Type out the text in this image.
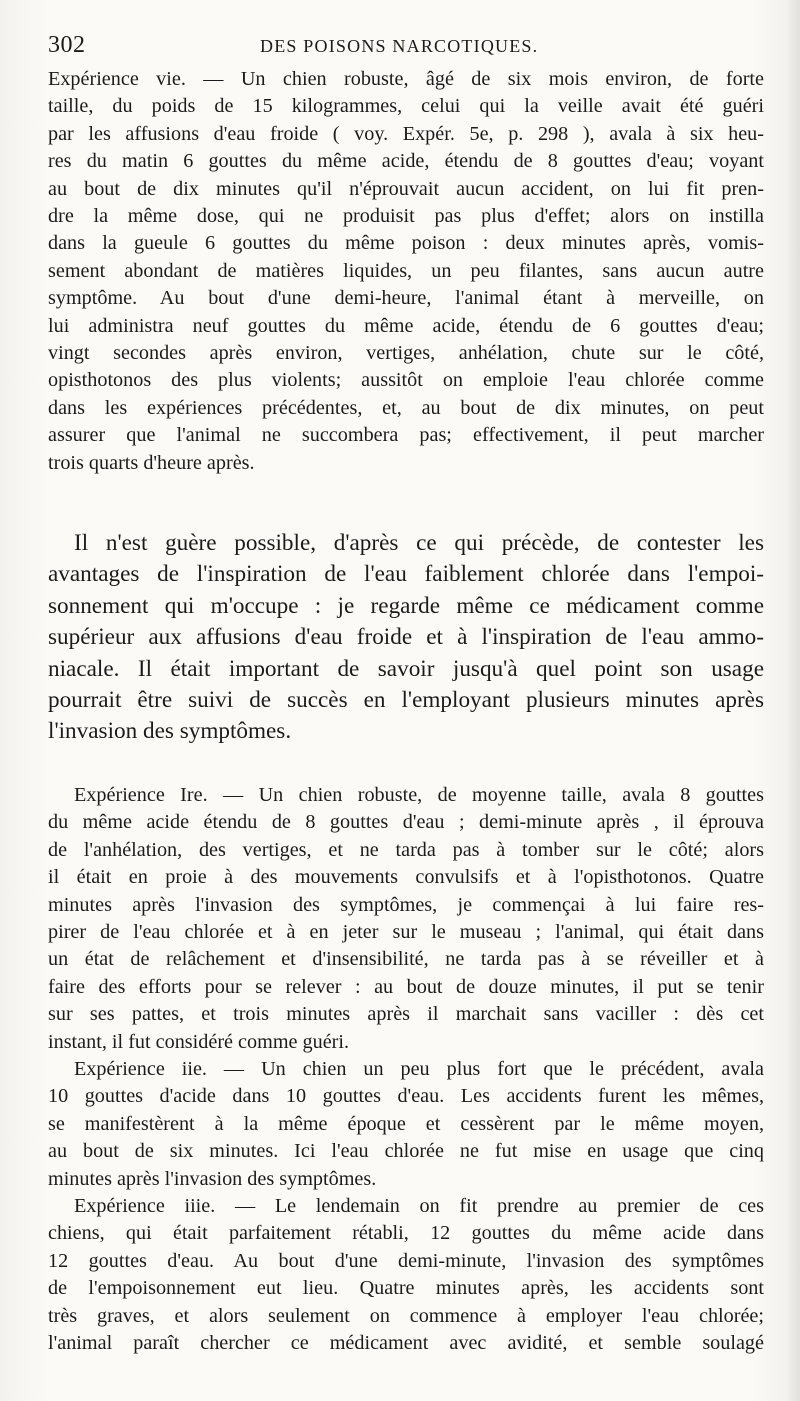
302	DES POISONS NARCOTIQUES.
Expérience vie. — Un chien robuste, âgé de six mois environ, de forte
taille, du poids de 15 kilogrammes, celui qui la veille avait été guéri
par les affusions d'eau froide ( voy. Expér. 5e, p. 298 ), avala à six heu-
res du matin 6 gouttes du même acide, étendu de 8 gouttes d'eau; voyant
au bout de dix minutes qu'il n'éprouvait aucun accident, on lui fit pren-
dre la même dose, qui ne produisit pas plus d'effet; alors on instilla
dans la gueule 6 gouttes du même poison : deux minutes après, vomis-
sement abondant de matières liquides, un peu filantes, sans aucun autre
symptôme. Au bout d'une demi-heure, l'animal étant à merveille, on
lui administra neuf gouttes du même acide, étendu de 6 gouttes d'eau;
vingt secondes après environ, vertiges, anhélation, chute sur le côté,
opisthotonos des plus violents; aussitôt on emploie l'eau chlorée comme
dans les expériences précédentes, et, au bout de dix minutes, on peut
assurer que l'animal ne succombera pas; effectivement, il peut marcher
trois quarts d'heure après.
Il n'est guère possible, d'après ce qui précède, de contester les
avantages de l'inspiration de l'eau faiblement chlorée dans l'empoi-
sonnement qui m'occupe : je regarde même ce médicament comme
supérieur aux affusions d'eau froide et à l'inspiration de l'eau ammo-
niacale. Il était important de savoir jusqu'à quel point son usage
pourrait être suivi de succès en l'employant plusieurs minutes après
l'invasion des symptômes.
Expérience Ire. — Un chien robuste, de moyenne taille, avala 8 gouttes
du même acide étendu de 8 gouttes d'eau ; demi-minute après , il éprouva
de l'anhélation, des vertiges, et ne tarda pas à tomber sur le côté; alors
il était en proie à des mouvements convulsifs et à l'opisthotonos. Quatre
minutes après l'invasion des symptômes, je commençai à lui faire res-
pirer de l'eau chlorée et à en jeter sur le museau ; l'animal, qui était dans
un état de relâchement et d'insensibilité, ne tarda pas à se réveiller et à
faire des efforts pour se relever : au bout de douze minutes, il put se tenir
sur ses pattes, et trois minutes après il marchait sans vaciller : dès cet
instant, il fut considéré comme guéri.
Expérience iie. — Un chien un peu plus fort que le précédent, avala
10 gouttes d'acide dans 10 gouttes d'eau. Les accidents furent les mêmes,
se manifestèrent à la même époque et cessèrent par le même moyen,
au bout de six minutes. Ici l'eau chlorée ne fut mise en usage que cinq
minutes après l'invasion des symptômes.
Expérience iiie. — Le lendemain on fit prendre au premier de ces
chiens, qui était parfaitement rétabli, 12 gouttes du même acide dans
12 gouttes d'eau. Au bout d'une demi-minute, l'invasion des symptômes
de l'empoisonnement eut lieu. Quatre minutes après, les accidents sont
très graves, et alors seulement on commence à employer l'eau chlorée;
l'animal paraît chercher ce médicament avec avidité, et semble soulagé
